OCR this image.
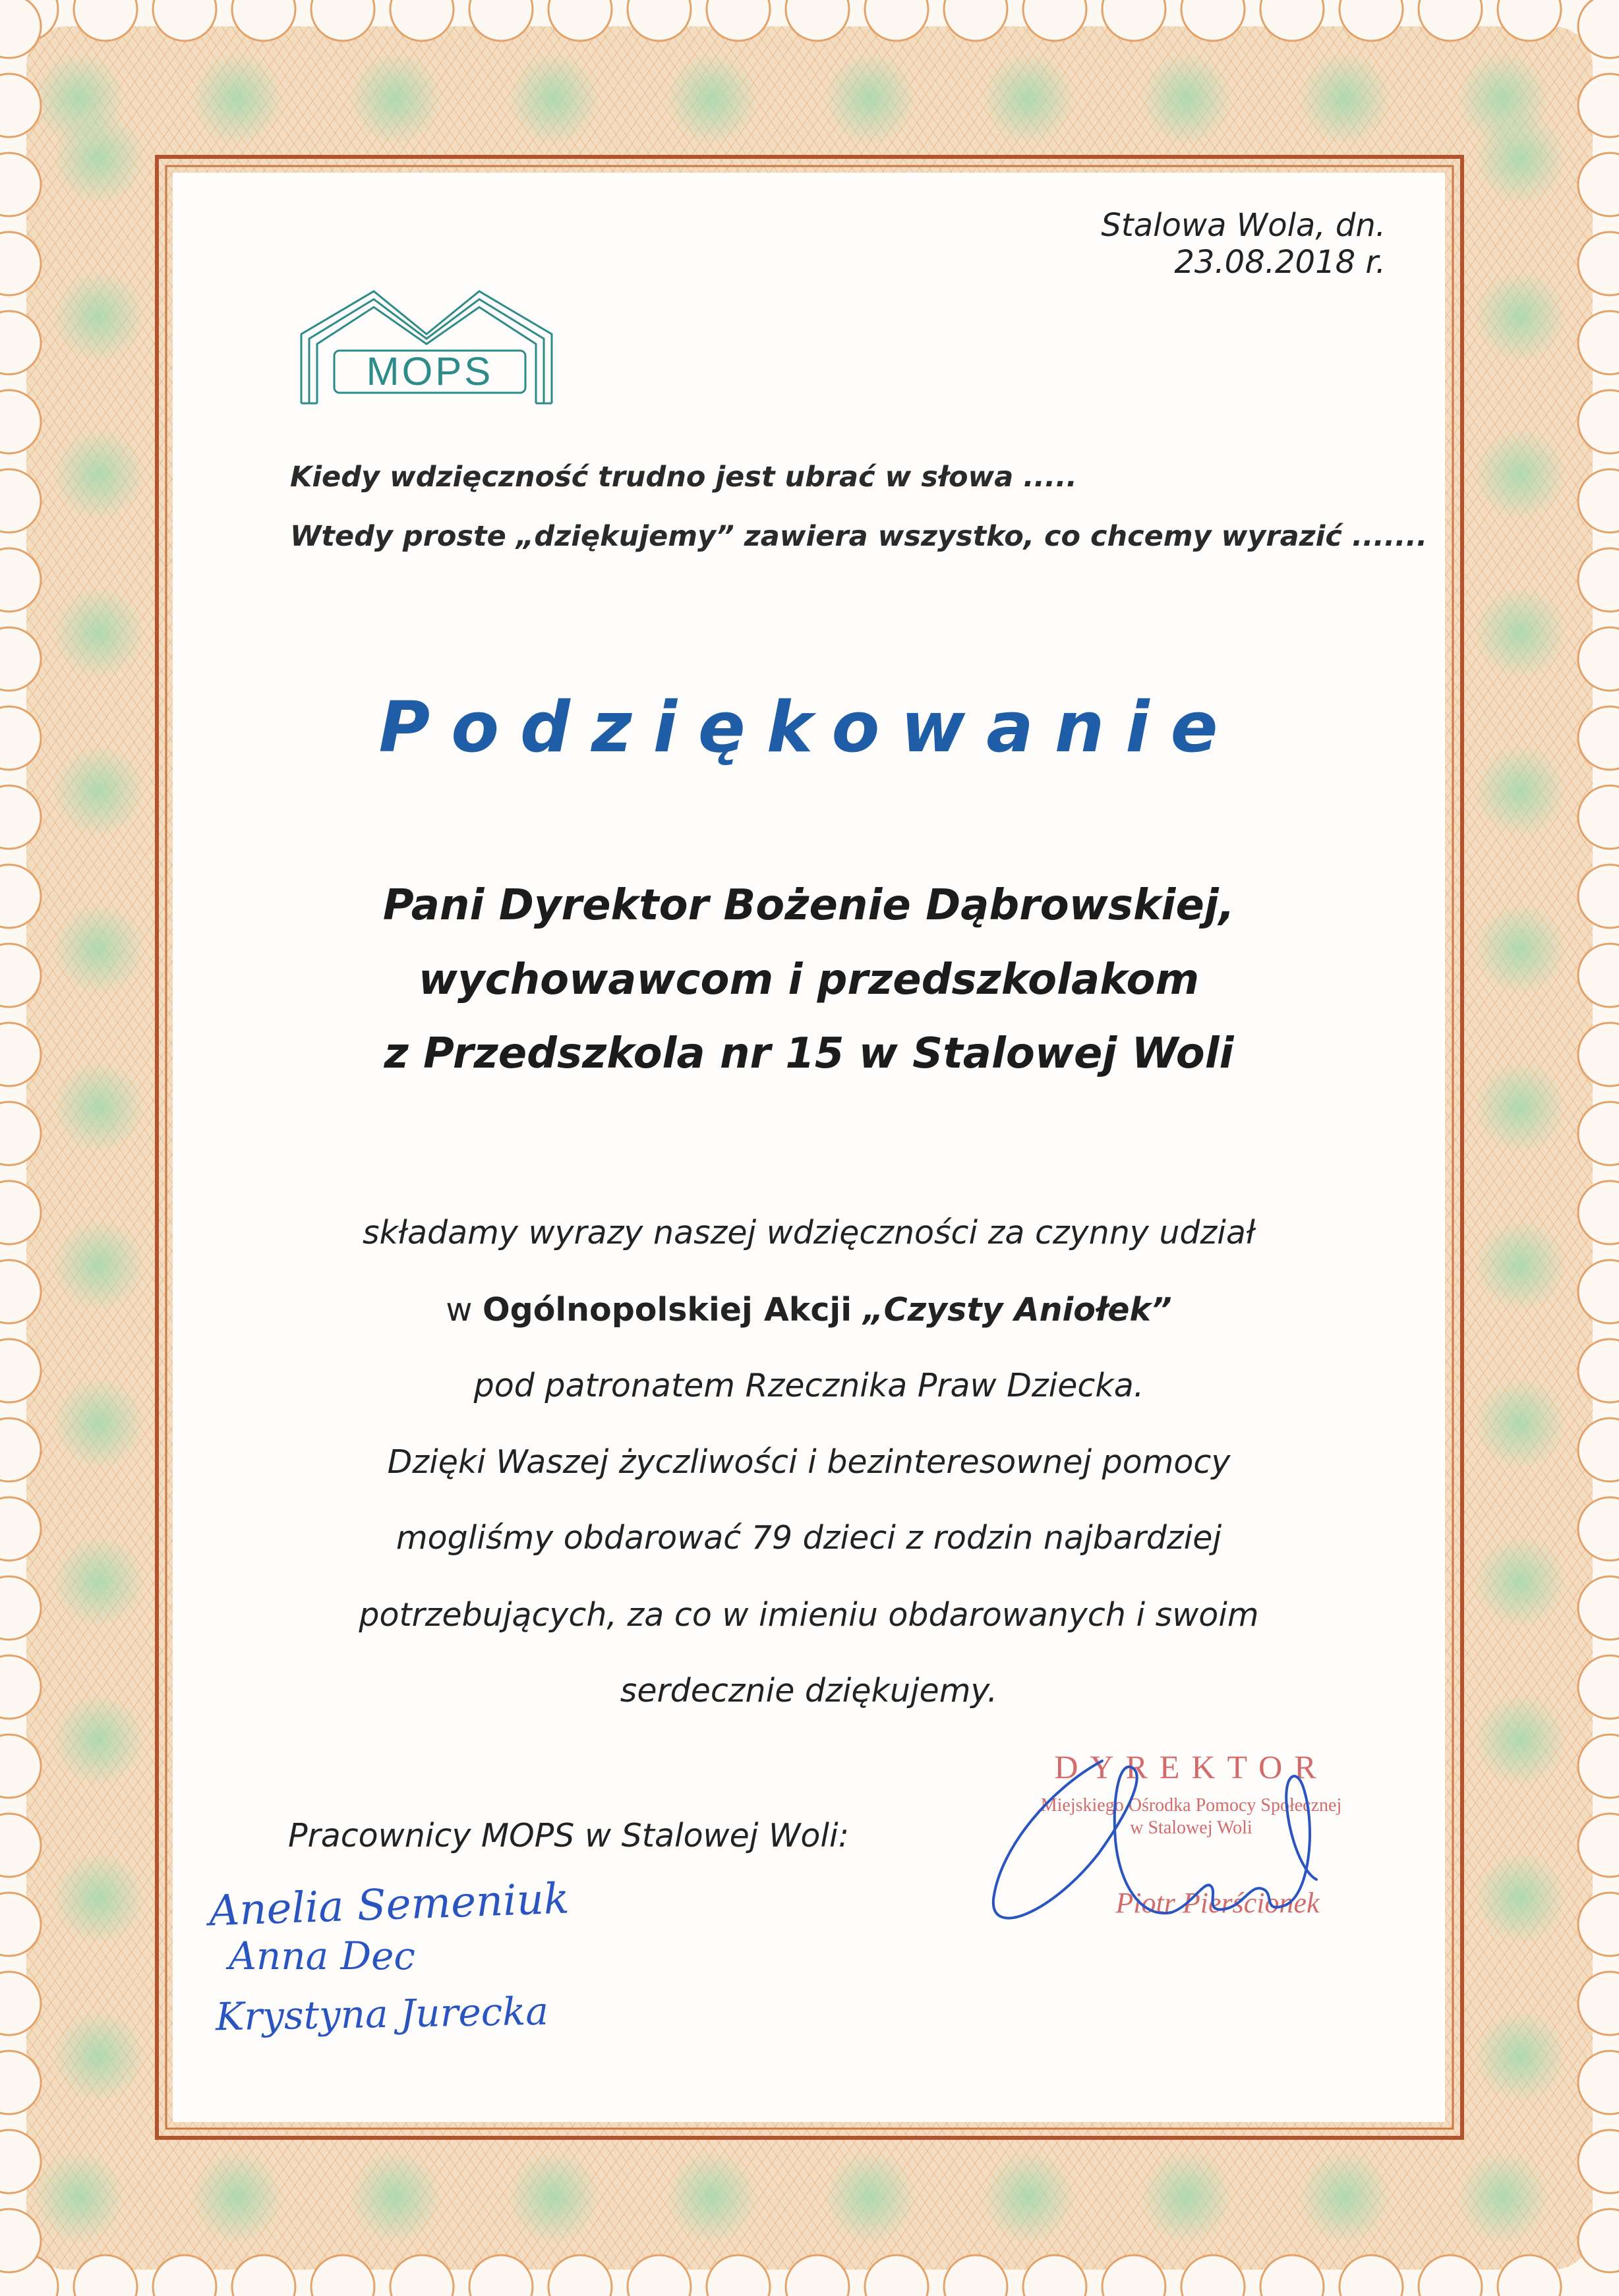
Stalowa Wola, dn. 23.08.2018 r.

MOPS

Kiedy wdzięczność trudno jest ubrać w słowa .....

Wtedy proste „dziękujemy” zawiera wszystko, co chcemy wyrazić .......

Podziękowanie

Pani Dyrektor Bożenie Dąbrowskiej,

wychowawcom i przedszkolakom

z Przedszkola nr 15 w Stalowej Woli

składamy wyrazy naszej wdzięczności za czynny udział

w Ogólnopolskiej Akcji „Czysty Aniołek”

pod patronatem Rzecznika Praw Dziecka.

Dzięki Waszej życzliwości i bezinteresownej pomocy

mogliśmy obdarować 79 dzieci z rodzin najbardziej

potrzebujących, za co w imieniu obdarowanych i swoim

serdecznie dziękujemy.

Pracownicy MOPS w Stalowej Woli:

Anelia Semeniuk
Anna Dec
Krystyna Jurecka

DYREKTOR

Miejskiego Ośrodka Pomocy Społecznej

w Stalowej Woli

Piotr Pierścionek
